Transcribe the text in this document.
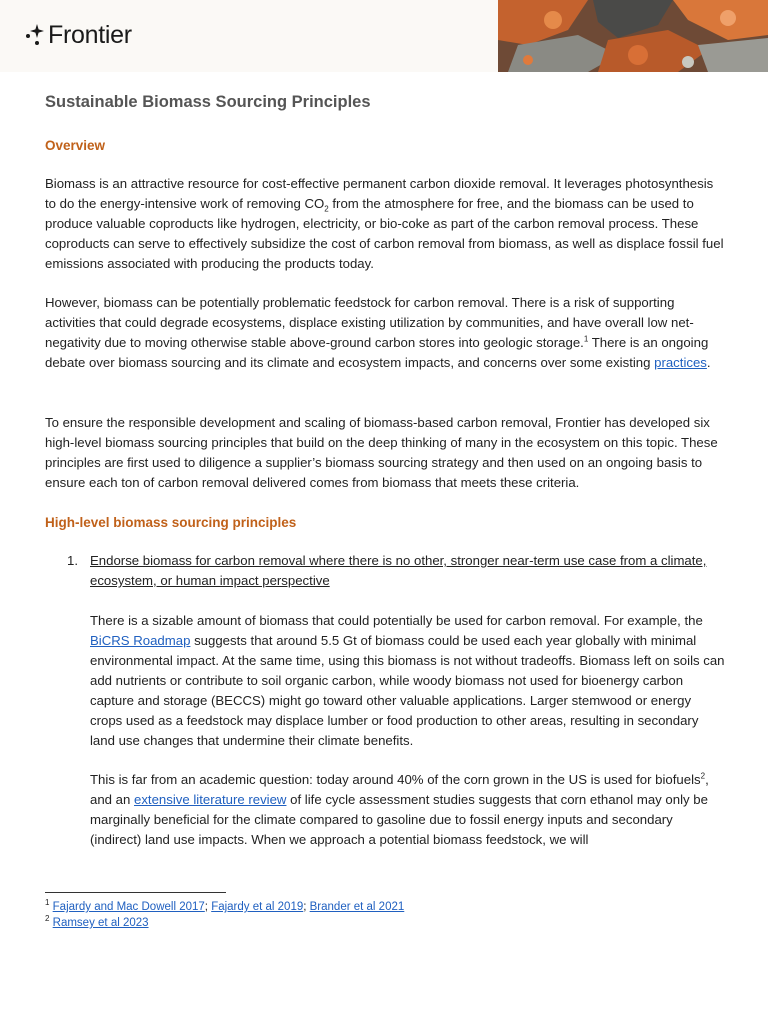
Frontier
Sustainable Biomass Sourcing Principles
Overview

Biomass is an attractive resource for cost-effective permanent carbon dioxide removal. It leverages photosynthesis to do the energy-intensive work of removing $CO_2$ from the atmosphere for free, and the biomass can be used to produce valuable coproducts like hydrogen, electricity, or bio-coke as part of the carbon removal process. These coproducts can serve to effectively subsidize the cost of carbon removal from biomass, as well as displace fossil fuel emissions associated with producing the products today.

However, biomass can be potentially problematic feedstock for carbon removal. There is a risk of supporting activities that could degrade ecosystems, displace existing utilization by communities, and have overall low net-negativity due to moving otherwise stable above-ground carbon stores into geologic storage.$^1$ There is an ongoing debate over biomass sourcing and its climate and ecosystem impacts, and concerns over some existing practices.

To ensure the responsible development and scaling of biomass-based carbon removal, Frontier has developed six high-level biomass sourcing principles that build on the deep thinking of many in the ecosystem on this topic. These principles are first used to diligence a supplier’s biomass sourcing strategy and then used on an ongoing basis to ensure each ton of carbon removal delivered comes from biomass that meets these criteria.

High-level biomass sourcing principles
1. Endorse biomass for carbon removal where there is no other, stronger near-term use case from a climate, ecosystem, or human impact perspective

There is a sizable amount of biomass that could potentially be used for carbon removal. For example, the BiCRS Roadmap suggests that around 5.5 Gt of biomass could be used each year globally with minimal environmental impact. At the same time, using this biomass is not without tradeoffs. Biomass left on soils can add nutrients or contribute to soil organic carbon, while woody biomass not used for bioenergy carbon capture and storage (BECCS) might go toward other valuable applications. Larger stemwood or energy crops used as a feedstock may displace lumber or food production to other areas, resulting in secondary land use changes that undermine their climate benefits.

This is far from an academic question: today around 40% of the corn grown in the US is used for biofuels$^2$, and an extensive literature review of life cycle assessment studies suggests that corn ethanol may only be marginally beneficial for the climate compared to gasoline due to fossil energy inputs and secondary (indirect) land use impacts. When we approach a potential biomass feedstock, we will

$^1$ Fajardy and Mac Dowell 2017; Fajardy et al 2019; Brander et al 2021

$^2$ Ramsey et al 2023
